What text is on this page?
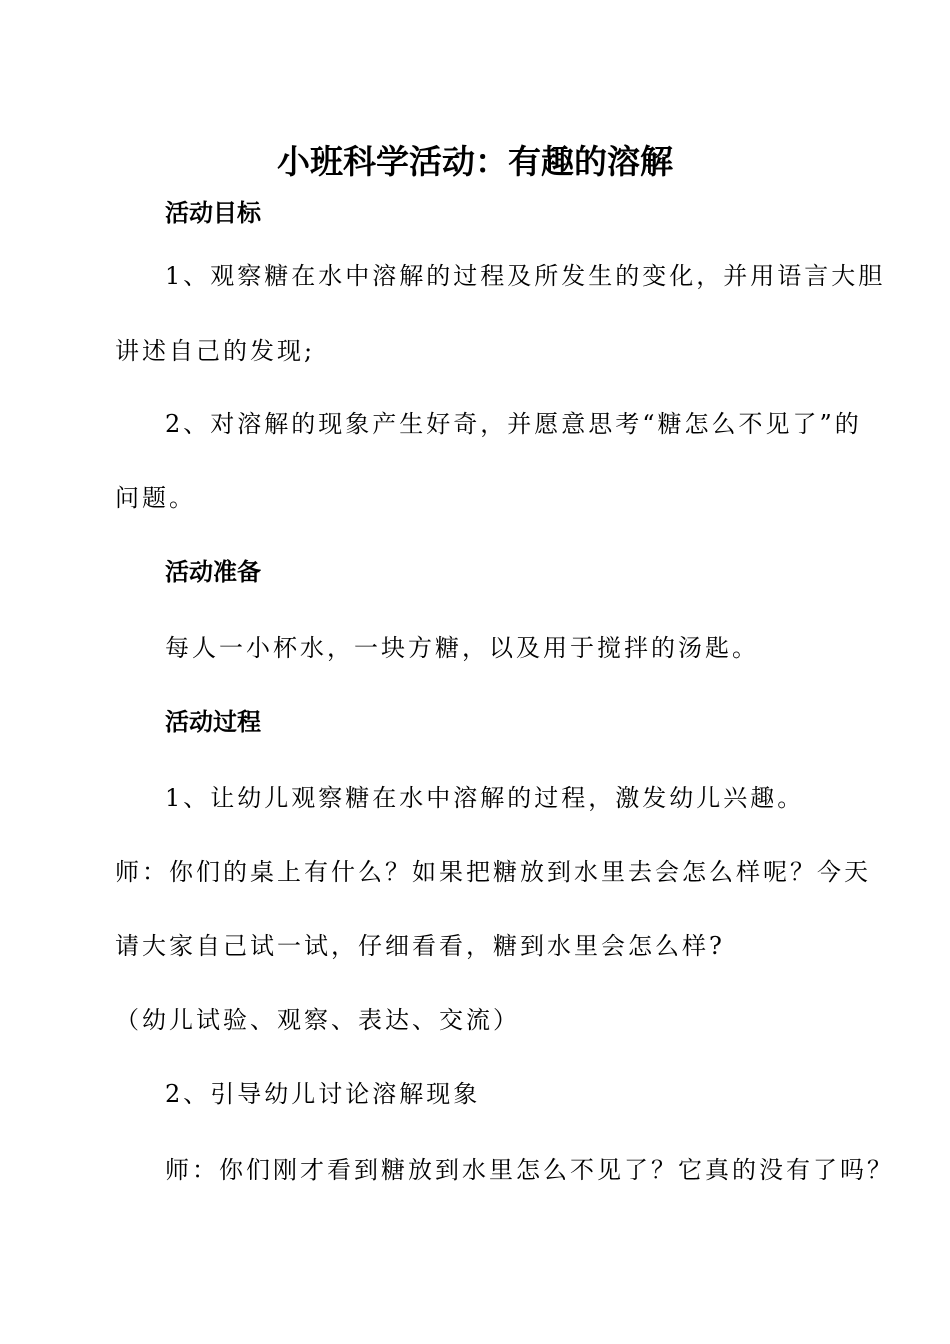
小班科学活动：有趣的溶解
活动目标
1、观察糖在水中溶解的过程及所发生的变化，并用语言大胆
讲述自己的发现;
2、对溶解的现象产生好奇，并愿意思考“糖怎么不见了”的
问题。
活动准备
每人一小杯水，一块方糖，以及用于搅拌的汤匙。
活动过程
1、让幼儿观察糖在水中溶解的过程，激发幼儿兴趣。
师：你们的桌上有什么？如果把糖放到水里去会怎么样呢？今天
请大家自己试一试，仔细看看，糖到水里会怎么样?
（幼儿试验、观察、表达、交流）
2、引导幼儿讨论溶解现象
师：你们刚才看到糖放到水里怎么不见了？它真的没有了吗？
